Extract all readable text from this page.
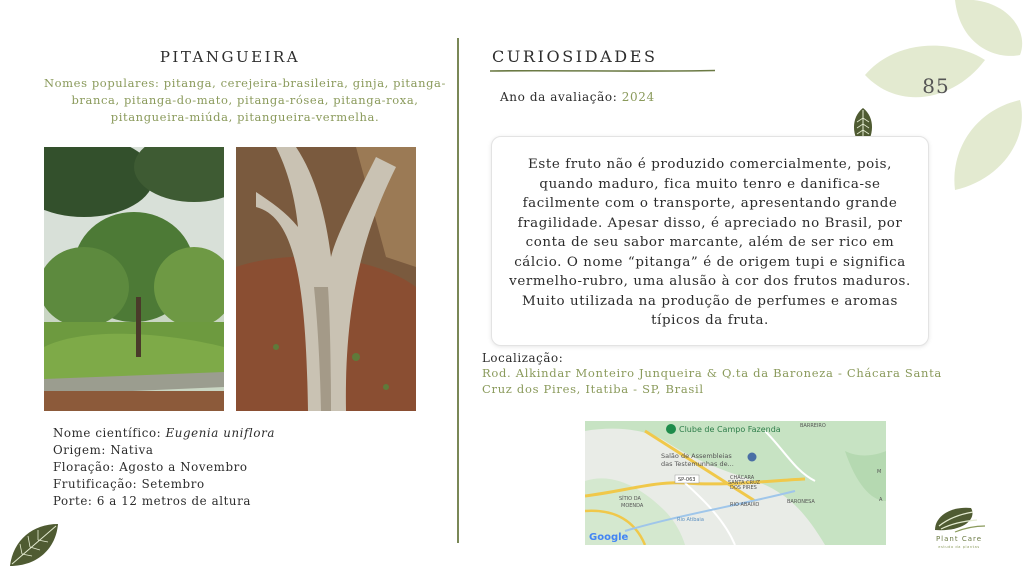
85
PITANGUEIRA
Nomes populares: pitanga, cerejeira-brasileira, ginja, pitanga-branca, pitanga-do-mato, pitanga-rósea, pitanga-roxa, pitangueira-miúda, pitangueira-vermelha.
Nome científico: Eugenia uniflora
Origem: Nativa
Floração: Agosto a Novembro
Frutificação: Setembro
Porte: 6 a 12 metros de altura
CURIOSIDADES
Ano da avaliação: 2024

Este fruto não é produzido comercialmente, pois, quando maduro, fica muito tenro e danifica-se facilmente com o transporte, apresentando grande fragilidade. Apesar disso, é apreciado no Brasil, por conta de seu sabor marcante, além de ser rico em cálcio. O nome “pitanga” é de origem tupi e significa vermelho-rubro, uma alusão à cor dos frutos maduros. Muito utilizada na produção de perfumes e aromas típicos da fruta.

Localização:
Rod. Alkindar Monteiro Junqueira & Q.ta da Baroneza - Chácara Santa Cruz dos Pires, Itatiba - SP, Brasil
Clube de Campo Fazenda	BARREIRO
Salão de Assembleias
das Testemunhas de...
SP-063	CHÁCARA
SANTA CRUZ
DOS PIRES
SÍTIO DA
MOENDA	RIO ABAIXO	BARONESA
Rio Atibaia
M
A
Google	Plant Care
estudo da plantas
